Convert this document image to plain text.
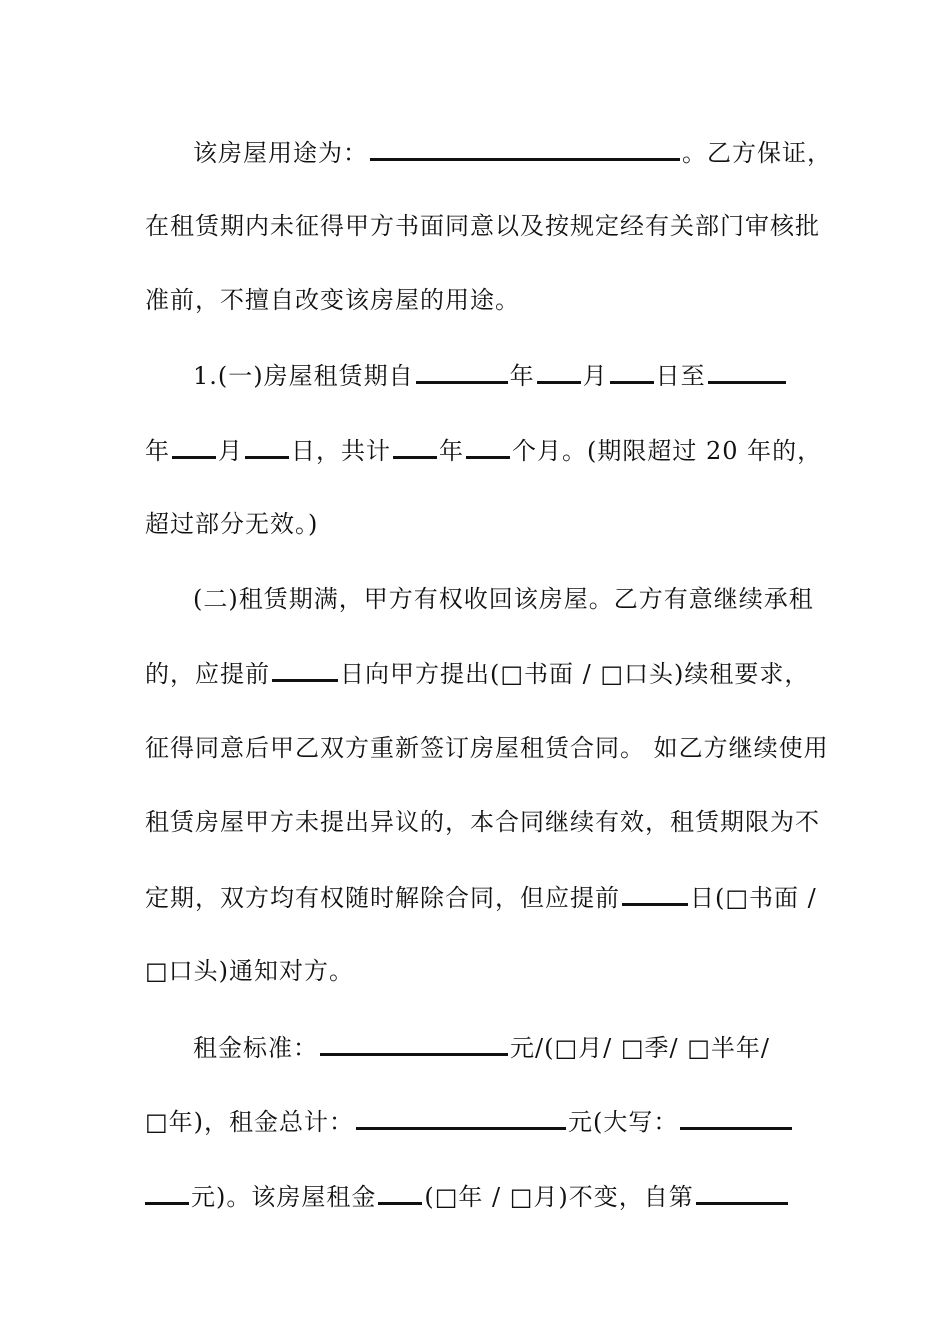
该房屋用途为：	。乙方保证，
在租赁期内未征得甲方书面同意以及按规定经有关部门审核批
准前，不擅自改变该房屋的用途。
1.(一)房屋租赁期自	年 月 日至
年 月 日，共计 年 个月。(期限超过 20 年的，
超过部分无效。)
(二)租赁期满，甲方有权收回该房屋。乙方有意继续承租
的，应提前	日向甲方提出(□书面 / □口头)续租要求，
征得同意后甲乙双方重新签订房屋租赁合同。 如乙方继续使用
租赁房屋甲方未提出异议的，本合同继续有效，租赁期限为不
定期，双方均有权随时解除合同，但应提前	日(□书面 /
□口头)通知对方。
租金标准：	元/(□月/ □季/ □半年/
□年)，租金总计：	元(大写：
元)。该房屋租金 (□年 / □月)不变，自第
